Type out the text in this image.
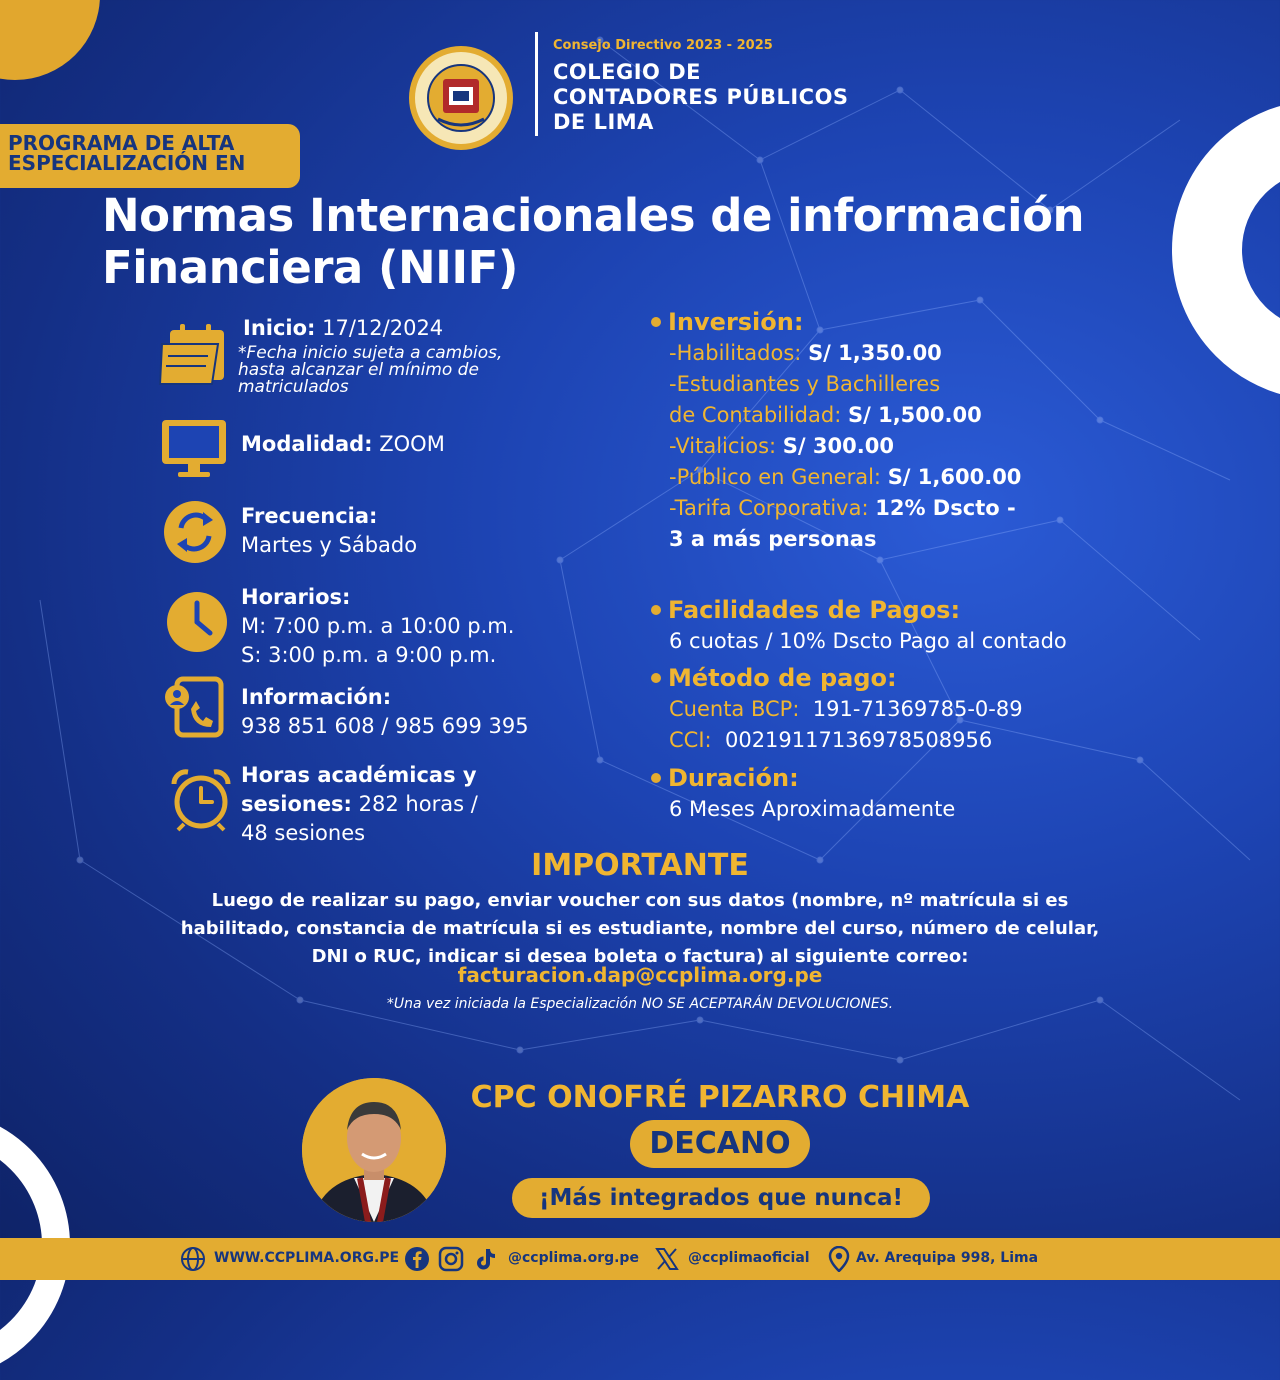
Consejo Directivo 2023 - 2025
COLEGIO DE
CONTADORES PÚBLICOS
DE LIMA
PROGRAMA DE ALTA
ESPECIALIZACIÓN EN
Normas Internacionales de información
Financiera (NIIF)
Inicio: 17/12/2024
*Fecha inicio sujeta a cambios,
hasta alcanzar el mínimo de
matriculados
Modalidad: ZOOM
Frecuencia:
Martes y Sábado
Horarios:
M: 7:00 p.m. a 10:00 p.m.
S: 3:00 p.m. a 9:00 p.m.
Información:
938 851 608 / 985 699 395
Horas académicas y
sesiones: 282 horas /
48 sesiones
Inversión:
-Habilitados: S/ 1,350.00
-Estudiantes y Bachilleres
de Contabilidad: S/ 1,500.00
-Vitalicios: S/ 300.00
-Público en General: S/ 1,600.00
-Tarifa Corporativa: 12% Dscto -
3 a más personas
Facilidades de Pagos:
6 cuotas / 10% Dscto Pago al contado
Método de pago:
Cuenta BCP: 191-71369785-0-89
CCI: 00219117136978508956
Duración:
6 Meses Aproximadamente
IMPORTANTE
Luego de realizar su pago, enviar voucher con sus datos (nombre, nº matrícula si es
habilitado, constancia de matrícula si es estudiante, nombre del curso, número de celular,
DNI o RUC, indicar si desea boleta o factura) al siguiente correo:
facturacion.dap@ccplima.org.pe
*Una vez iniciada la Especialización NO SE ACEPTARÁN DEVOLUCIONES.
CPC ONOFRÉ PIZARRO CHIMA
DECANO
¡Más integrados que nunca!
WWW.CCPLIMA.ORG.PE	@ccplima.org.pe	@ccplimaoficial	Av. Arequipa 998, Lima
